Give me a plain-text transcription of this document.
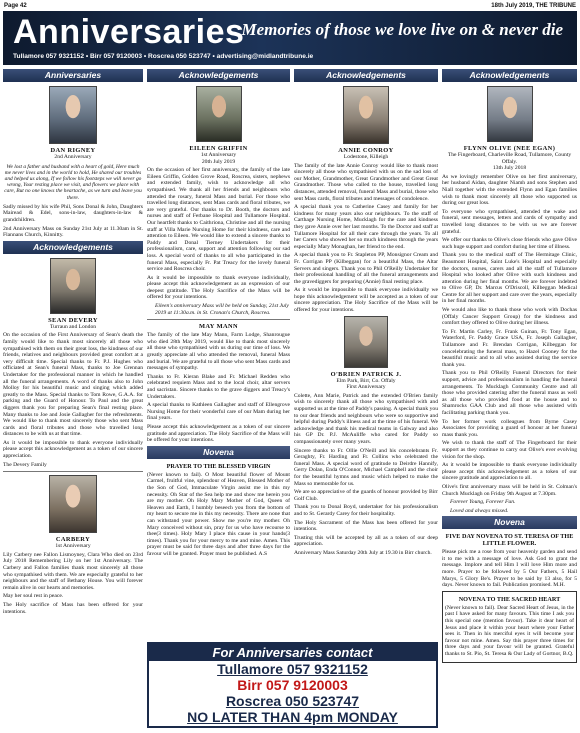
Page 42	18th July 2019, THE TRIBUNE
Anniversaries
Memories of those we love live on & never die
Tullamore 057 9321152 • Birr 057 9120003 • Roscrea 050 523747 • advertising@midlandtribune.ie
Anniversaries
DAN RIGNEY
2nd Anniversary
We lost a father and husband with a heart of gold, Here much me never lives and in the world to hold, He shared our troubles and helped us along, If we follow his footsteps we will never go wrong, Your resting place we visit, and flowers we place with care, But no one knows the heartache, as we turn and leave you there.

Sadly missed by his wife Phil, Sons Donal & John, Daughters Mairead & Edel, sons-in-law, daughters-in-law & grandchildren.

2nd Anniversary Mass on Sunday 21st July at 11.30am in St. Flannans Church, Kinnitty.

Acknowledgements
SEAN DEVERY
Turraun and London

On the occasion of the First Anniversary of Sean's death the family would like to thank most sincerely all those who sympathised with them on their great loss, the kindness of our friends, relatives and neighbours provided great comfort at a very difficult time. Special thanks to Fr. P.J. Hughes who officiated at Sean's funeral Mass, thanks to Joe Grennan Undertaker for the professional manner in which he handled all the funeral arrangements. A word of thanks also to John Molloy for his beautiful music and singing which added greatly to the Mass. Special thanks to Tom Rowe, G.A.A. for parking and the Guard of Honour. To Paul and the great diggers thank you for preparing Sean's final resting place. Many thanks to Joe and Josie Gallagher for the refreshments. We would like to thank most sincerely those who sent Mass cards and floral tributes and those who travelled long distances to be with us at that time.

As it would be impossible to thank everyone individually please accept this acknowledgement as a token of our sincere appreciation.

The Devery Family

CARBERY
1st Anniversary

Lily Carbery nee Fallon Lismoyney, Clara Who died on 23rd July 2018 Remembering Lily on her 1st Anniversary. The Carbery and Fallon families thank most sincerely all those who sympathised with them. We are especially grateful to her neighbours and the staff of Bethany House. You will forever remain alive in our hearts and memories.

May her soul rest in peace.

The Holy sacrifice of Mass has been offered for your intentions.

Acknowledgements
EILEEN GRIFFIN
1st Anniversary
20th July 2019

On the occasion of her first anniversary, the family of the late Eileen Griffin, Golden Grove Road, Roscrea, sisters, nephews and extended family, wish to acknowledge all who sympathised. We thank all her friends and neighbours who attended the rosary, funeral Mass and burial. For those who travelled long distances, sent Mass cards and floral tributes, we are very grateful. Our thanks to Dr. Booth, the doctors and nurses and staff of Ferbane Hospital and Tullamore Hospital. Our heartfelt thanks to Caithriona, Christine and all the nursing staff at Villa Marie Nursing Home for their kindness, care and attention to Eileen. We would like to extend a sincere thanks to Paddy and Donal Tierney Undertakers for their professionalism, care, support and attention following our sad loss. A special word of thanks to all who participated in the funeral Mass, especially Fr. Pat Treacy for the lovely funeral service and Roscrea choir.

As it would be impossible to thank everyone individually, please accept this acknowledgement as an expression of our deepest gratitude. The Holy Sacrifice of the Mass will be offered for your intentions.

Eileen's anniversary Mass will be held on Sunday, 21st July 2019 at 11:30a.m. in St. Cronan's Church, Roscrea.

MAY MANN

The family of the late May Mann, Farm Lodge, Shanrougue who died 28th May 2019, would like to thank most sincerely all those who sympathised with us during our time of loss. We greatly appreciate all who attended the removal, funeral Mass and burial. We are grateful to all those who sent Mass cards and messages of sympathy.

Thanks to Fr. Kieran Blake and Fr. Michael Redden who celebrated requiem Mass and to the local choir, altar servers and sacristan. Sincere thanks to the grave diggers and Treacy's Undertakers.

A special thanks to Kathleen Gallagher and staff of Ellengrove Nursing Home for their wonderful care of our Mam during her final years.

Please accept this acknowledgement as a token of our sincere gratitude and appreciation. The Holy Sacrifice of the Mass will be offered for your intentions.

Novena
PRAYER TO THE BLESSED VIRGIN

(Never known to fail). O Most beautiful flower of Mount Carmel, fruitful vine, splendour of Heaven, Blessed Mother of the Son of God, Immaculate Virgin assist me in this my necessity. Oh Star of the Sea help me and show me herein you are my mother. Oh Holy Mary Mother of God, Queen of Heaven and Earth, I humbly beseech you from the bottom of my heart to secure me in this my necessity. There are none that can withstand your power. Show me you're my mother. Oh Mary conceived without sin, pray for us who have recourse to thee(3 times). Holy Mary I place this cause in your hands(3 times). Thank you for your mercy to me and mine. Amen. This prayer must be said for three days and after three days for the favour will be granted. Prayer must be published. A.S

Acknowledgements
ANNIE CONROY
Lodestone, Killeigh

The family of the late Annie Conroy would like to thank most sincerely all those who sympathised with us on the sad loss of our Mother, Grandmother, Great Grandmother and Great Great Grandmother. Those who called to the house, travelled long distances, attended removal, funeral Mass and burial, those who sent Mass cards, floral tributes and messages of condolence.

A special thank you to Catherine Casey and family for her kindness for many years also our neighbours. To the staff of Carthage Nursing Home, Mucklagh for the care and kindness they gave Annie over her last months. To the Doctor and staff at Tullamore Hospital for all their care through the years. To all her Carers who showed her so much kindness through the years especially Mary Monaghan, her friend to the end.

A special thank you to Fr. Stapleton PP, Monsignor Cream and Fr. Corrigan PP (Kilbeggan) for a beautiful Mass, the Altar Servers and singers. Thank you to Phil O'Reilly Undertaker for their professional handling of all the funeral arrangements and the gravediggers for preparing (Annie) final resting place.

As it would be impossible to thank everyone individually we hope this acknowledgement will be accepted as a token of our sincere appreciation. The Holy Sacrifice of the Mass will be offered for your intentions.

O'BRIEN PATRICK J.
Elm Park, Birr, Co. Offaly
First Anniversary

Colette, Ann Marie, Patrick and the extended O'Brien family wish to sincerely thank all those who sympathised with and supported us at the time of Paddy's passing. A special thank you to our dear friends and neighbours who were so supportive and helpful during Paddy's illness and at the time of his funeral. We acknowledge and thank his medical teams in Galway and also his GP Dr. P.J. McAuliffe who cared for Paddy so compassionately over many years.

Sincere thanks to Fr. Ollie O'Neill and his concelebrants Fr. Geraghty, Fr. Harding and Fr. Collins who celebrated the funeral Mass. A special word of gratitude to Deirdre Hannify, Gerry Dolan, Enda O'Connor, Michael Campbell and the choir for the beautiful hymns and music which helped to make the Mass so memorable for us.

We are so appreciative of the guards of honour provided by Birr Golf Club.

Thank you to Donal Boyd, undertaker for his professionalism and to St. Gerardy Carey for their hospitality.

The Holy Sacrament of the Mass has been offered for your intentions.

Trusting this will be accepted by all as a token of our deep appreciation.

Anniversary Mass Saturday 20th July at 19.30 in Birr church.

Acknowledgements
FLYNN OLIVE (NEE EGAN)
The Fingerboard, Charleville Road, Tullamore, County Offaly.
13th July 2018

As we lovingly remember Olive on her first anniversary, her husband Aidan, daughter Niamh and sons Stephen and Niall together with the extended Flynn and Egan families wish to thank most sincerely all those who supported us during our great loss.

To everyone who sympathised, attended the wake and funeral, sent messages, letters and cards of sympathy and travelled long distances to be with us we are forever grateful.

We offer our thanks to Olive's close friends who gave Olive such huge support and comfort during her time of illness.

Thank you to the medical staff of The Hermitage Clinic, Beaumont Hospital, Saint Luke's Hospital and especially the doctors, nurses, carers and all the staff of Tullamore Hospital who looked after Olive with such kindness and attention during her final months. We are forever indebted to Olive GP, Dr. Marcus O'Driscoll, Kilbeggan Medical Centre for all her support and care over the years, especially in her final months.

We would also like to thank those who work with Dochas (Offaly Cancer Support Group) for the kindness and comfort they offered to Olive during her illness.

To Fr. Martin Carley, Fr. Frank Guinan, Fr. Tony Egan, Waterford, Fr. Paddy Grace USA, Fr. Joseph Gallagher, Tullamore and Fr. Brendan Corrigan, Kilbeggan for concelebrating the funeral mass, to Hazel Cooney for the beautiful music and to all who assisted during the service thank you.

Thank you to Phil O'Reilly Funeral Directors for their support, advice and professionalism in handling the funeral arrangements. To Mucklagh Community Centre and all those who provided catering after the funeral mass as well as all those who provided food at the house and to Shamrocks GAA Club and all those who assisted with facilitating parking thank you.

To her former work colleagues from Byrne Casey Associates for providing a guard of honour at her funeral mass thank you.

We wish to thank the staff of The Fingerboard for their support as they continue to carry out Olive's ever evolving vision for the shop.

As it would be impossible to thank everyone individually please accept this acknowledgement as a token of our sincere gratitude and appreciation to all.

Olive's first anniversary mass will be held in St. Colman's Church Mucklagh on Friday 9th August at 7.30pm.

Forever Young, Forever Fun.

Loved and always missed.

Novena
FIVE DAY NOVENA TO ST. TERESA OF THE LITTLE FLOWER.

Please pick me a rose from your heavenly garden and send it to me with a message of love. Ask God to grant the message. Implore and tell Him I will love Him more and more. Prayer to be followed by 5 Our Fathers, 5 Hail Marys, 5 Glory Be's. Prayer to be said by 13 also, for 5 days. Never known to fail. Publication promised. M.H.

NOVENA TO THE SACRED HEART

(Never known to fail). Dear Sacred Heart of Jesus, in the past I have asked for many favours. This time I ask you this special one (mention favour). Take it dear heart of Jesus and place it within your heart where your Father sees it. Then in his merciful eyes it will become your favour not mine. Amen. Say this prayer three times for three days and your favour will be granted. Grateful thanks to St. Pio, St. Teresa & Our Lady of Gortnor, B.Q.

For Anniversaries contact
Tullamore 057 9321152
Birr 057 9120003
Roscrea 050 523747
NO LATER THAN 4pm MONDAY
